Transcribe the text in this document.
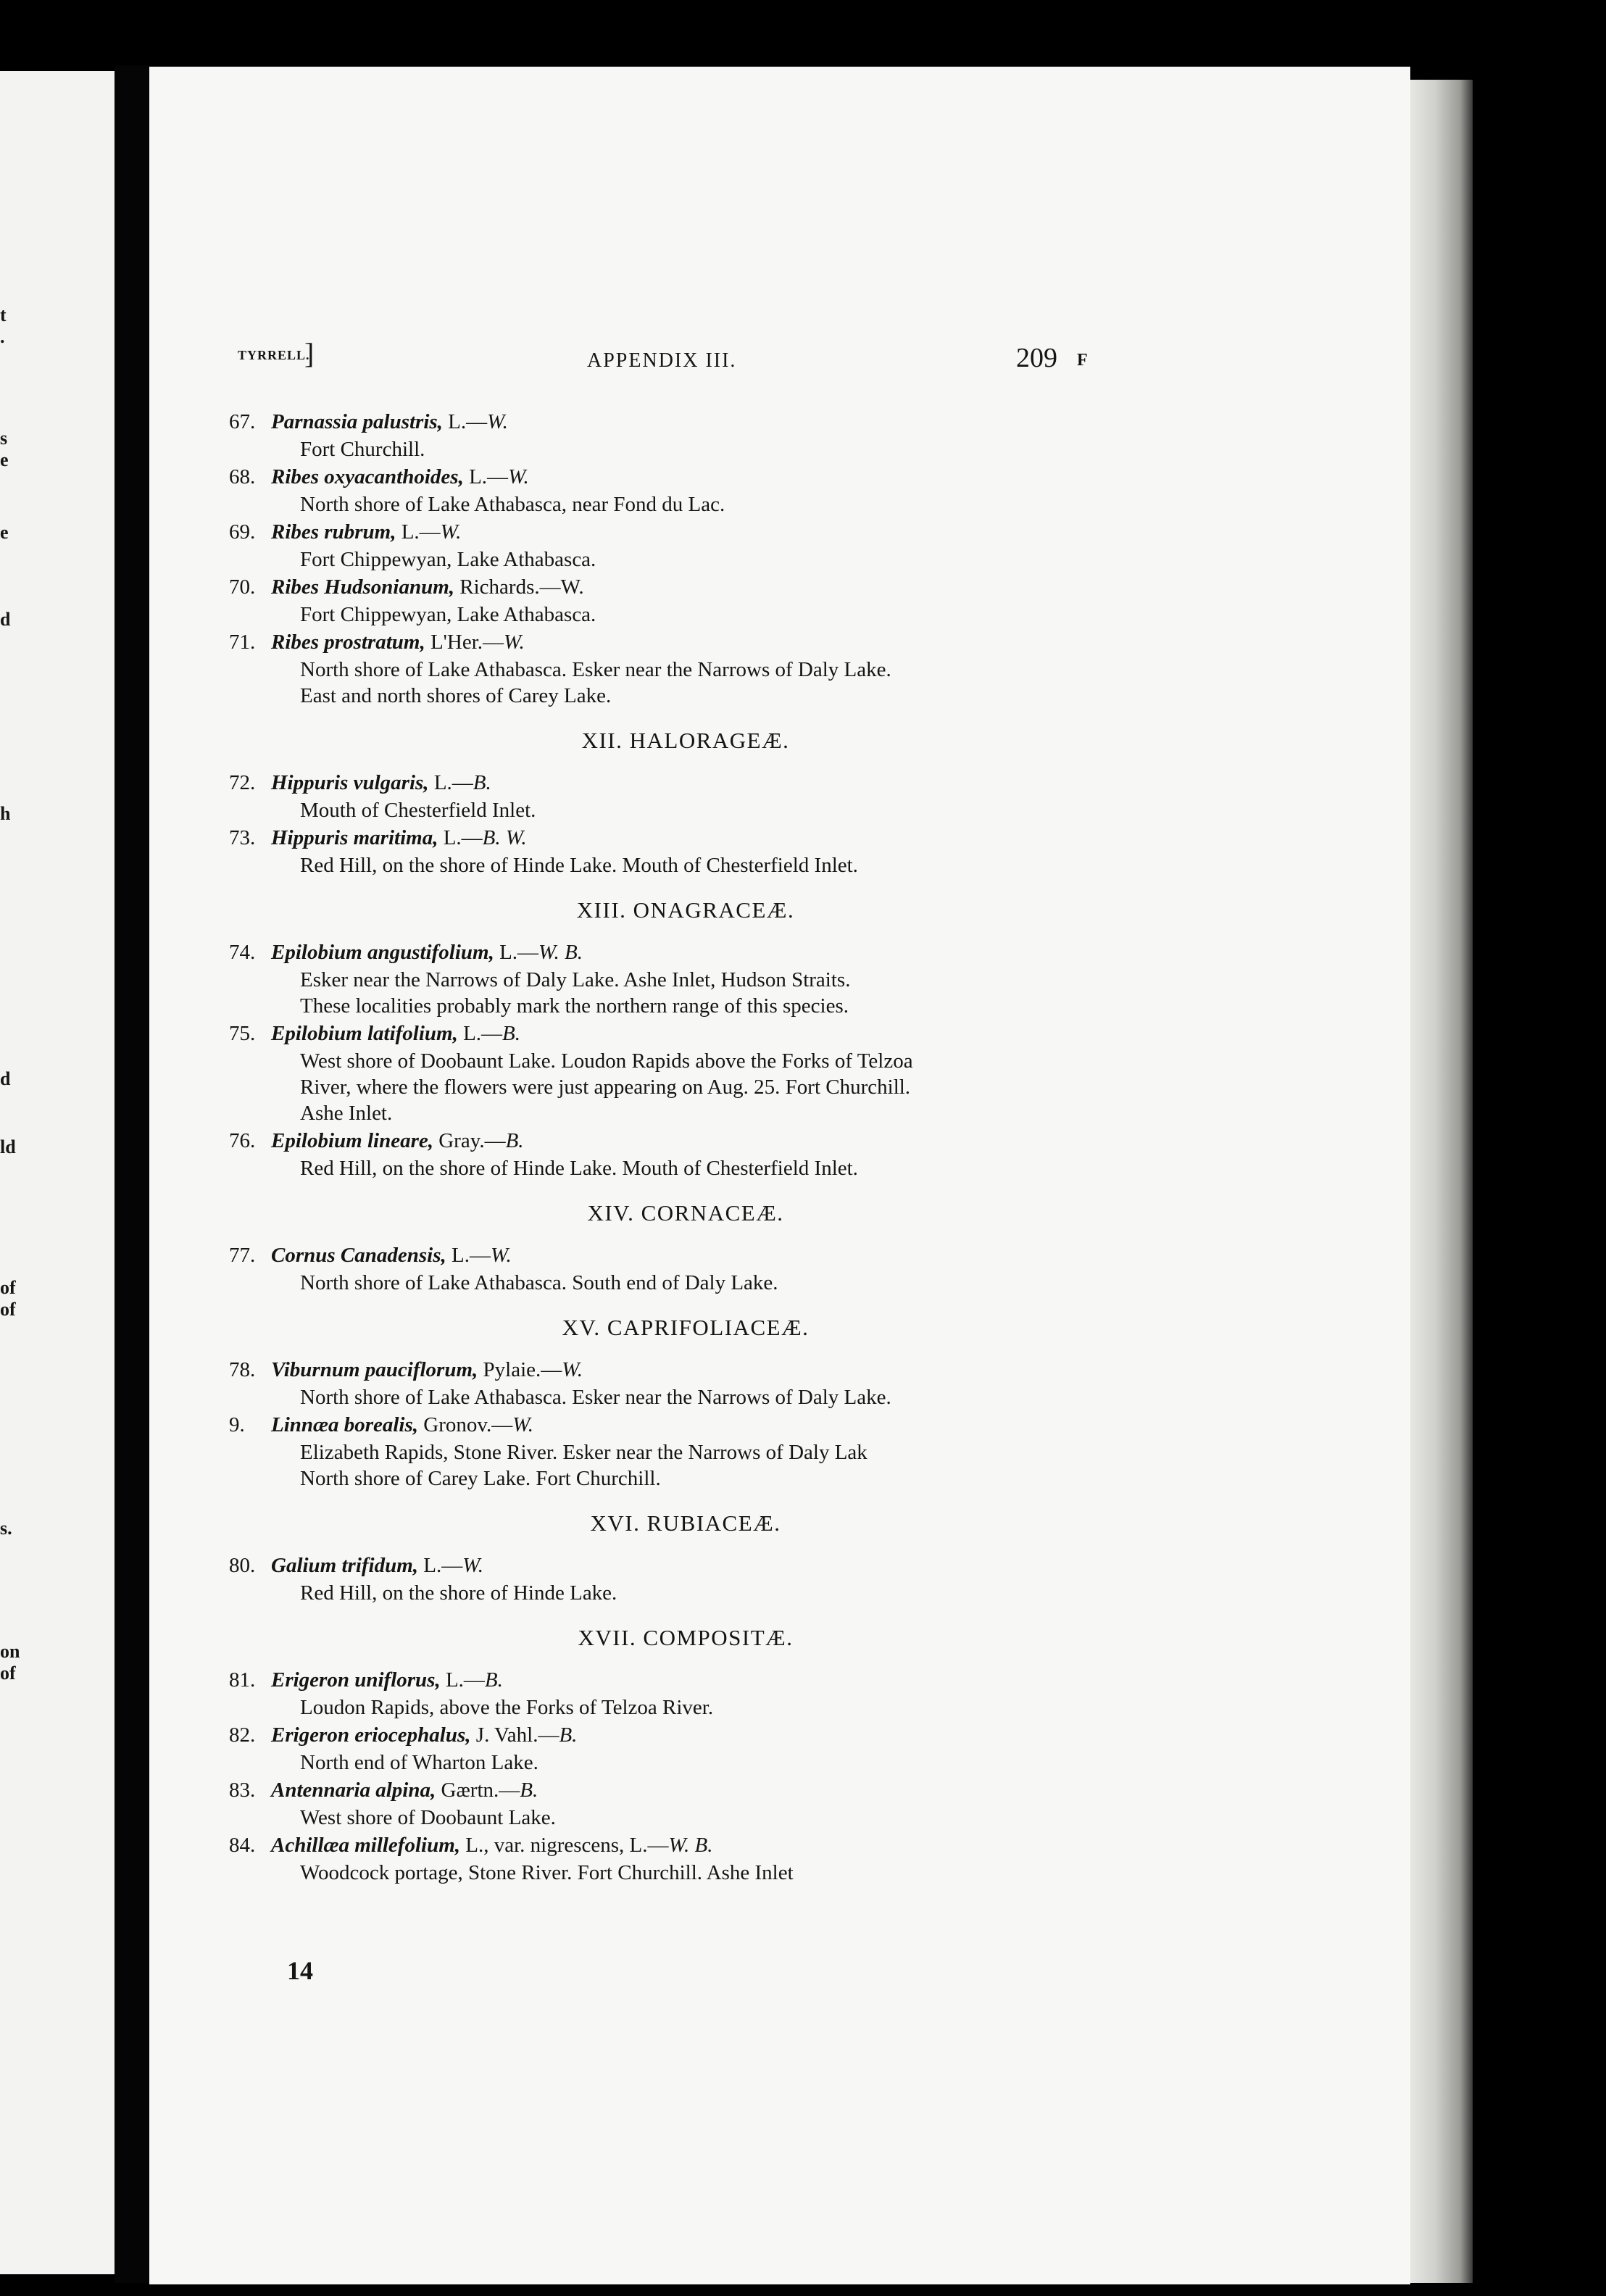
t
.
s
e
e
d
h
d
ld
of
of
s.
on
of
TYRRELL.
]	APPENDIX III.	209 F
67. Parnassia palustris, L.—W.
Fort Churchill.
68. Ribes oxyacanthoides, L.—W.
North shore of Lake Athabasca, near Fond du Lac.
69. Ribes rubrum, L.—W.
Fort Chippewyan, Lake Athabasca.
70. Ribes Hudsonianum, Richards.—W.
Fort Chippewyan, Lake Athabasca.
71. Ribes prostratum, L'Her.—W.
North shore of Lake Athabasca. Esker near the Narrows of Daly Lake.
East and north shores of Carey Lake.
XII. HALORAGEÆ.
72. Hippuris vulgaris, L.—B.
Mouth of Chesterfield Inlet.
73. Hippuris maritima, L.—B. W.
Red Hill, on the shore of Hinde Lake. Mouth of Chesterfield Inlet.
XIII. ONAGRACEÆ.
74. Epilobium angustifolium, L.—W. B.
Esker near the Narrows of Daly Lake. Ashe Inlet, Hudson Straits.
These localities probably mark the northern range of this species.
75. Epilobium latifolium, L.—B.
West shore of Doobaunt Lake. Loudon Rapids above the Forks of Telzoa
River, where the flowers were just appearing on Aug. 25. Fort Churchill.
Ashe Inlet.
76. Epilobium lineare, Gray.—B.
Red Hill, on the shore of Hinde Lake. Mouth of Chesterfield Inlet.
XIV. CORNACEÆ.
77. Cornus Canadensis, L.—W.
North shore of Lake Athabasca. South end of Daly Lake.
XV. CAPRIFOLIACEÆ.
78. Viburnum pauciflorum, Pylaie.—W.
North shore of Lake Athabasca. Esker near the Narrows of Daly Lake.
9. Linnæa borealis, Gronov.—W.
Elizabeth Rapids, Stone River. Esker near the Narrows of Daly Lak
North shore of Carey Lake. Fort Churchill.
XVI. RUBIACEÆ.
80. Galium trifidum, L.—W.
Red Hill, on the shore of Hinde Lake.
XVII. COMPOSITÆ.
81. Erigeron uniflorus, L.—B.
Loudon Rapids, above the Forks of Telzoa River.
82. Erigeron eriocephalus, J. Vahl.—B.
North end of Wharton Lake.
83. Antennaria alpina, Gærtn.—B.
West shore of Doobaunt Lake.
84. Achillæa millefolium, L., var. nigrescens, L.—W. B.
Woodcock portage, Stone River. Fort Churchill. Ashe Inlet
14
